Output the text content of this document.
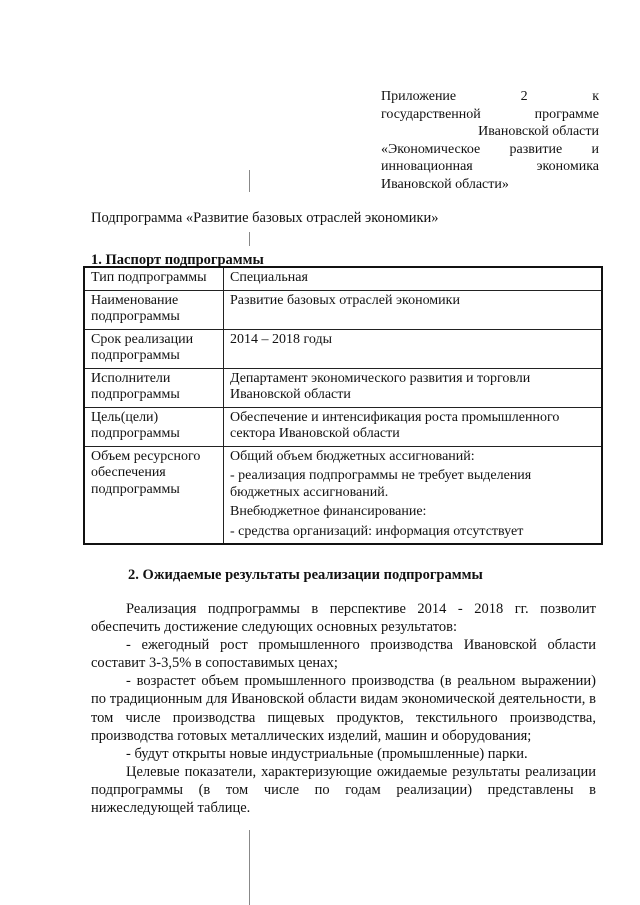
Приложение 2 к
государственной программе
Ивановской области
«Экономическое развитие и
инновационная экономика
Ивановской области»
Подпрограмма «Развитие базовых отраслей экономики»
1. Паспорт подпрограммы
Тип подпрограммы	Специальная
Наименование подпрограммы	Развитие базовых отраслей экономики
Срок реализации подпрограммы	2014 – 2018 годы
Исполнители подпрограммы	Департамент экономического развития и торговли Ивановской области
Цель(цели) подпрограммы	Обеспечение и интенсификация роста промышленного сектора Ивановской области
Объем ресурсного обеспечения подпрограммы	Общий объем бюджетных ассигнований:
- реализация подпрограммы не требует выделения бюджетных ассигнований.
Внебюджетное финансирование:
- средства организаций: информация отсутствует
2. Ожидаемые результаты реализации подпрограммы

Реализация подпрограммы в перспективе 2014 - 2018 гг. позволит обеспечить достижение следующих основных результатов:

- ежегодный рост промышленного производства Ивановской области составит 3-3,5% в сопоставимых ценах;

- возрастет объем промышленного производства (в реальном выражении) по традиционным для Ивановской области видам экономической деятельности, в том числе производства пищевых продуктов, текстильного производства, производства готовых металлических изделий, машин и оборудования;

- будут открыты новые индустриальные (промышленные) парки.

Целевые показатели, характеризующие ожидаемые результаты реализации подпрограммы (в том числе по годам реализации) представлены в нижеследующей таблице.
